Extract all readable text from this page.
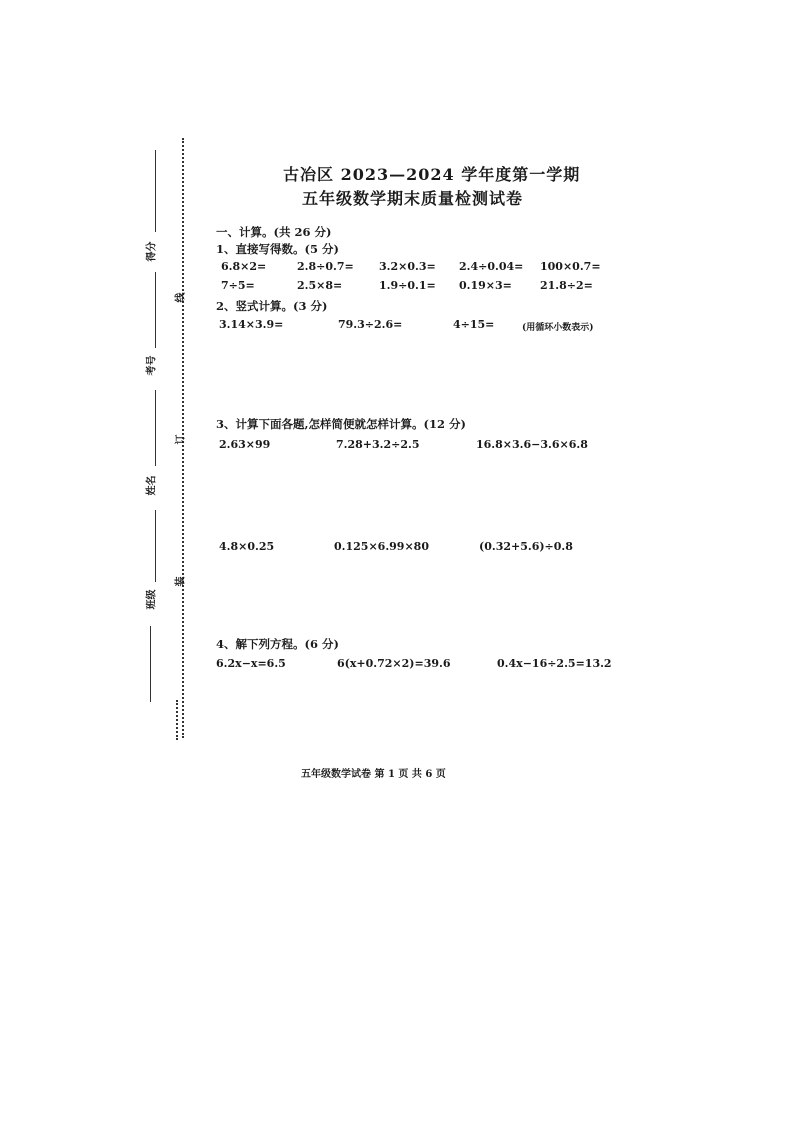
线
订
装
得分
考号
姓名
班级
古冶区 2023—2024 学年度第一学期
五年级数学期末质量检测试卷
一、计算。(共 26 分)
1、直接写得数。(5 分)
6.8×2=	2.8÷0.7= 3.2×0.3= 2.4÷0.04= 100×0.7=
7÷5=	2.5×8=	1.9÷0.1= 0.19×3=	21.8÷2=
2、竖式计算。(3 分)
3.14×3.9=	79.3÷2.6=	4÷15=	(用循环小数表示)
3、计算下面各题,怎样简便就怎样计算。(12 分)
2.63×99	7.28+3.2÷2.5	16.8×3.6−3.6×6.8
4.8×0.25	0.125×6.99×80	(0.32+5.6)÷0.8
4、解下列方程。(6 分)
6.2x−x=6.5	6(x+0.72×2)=39.6	0.4x−16÷2.5=13.2
五年级数学试卷 第 1 页 共 6 页
